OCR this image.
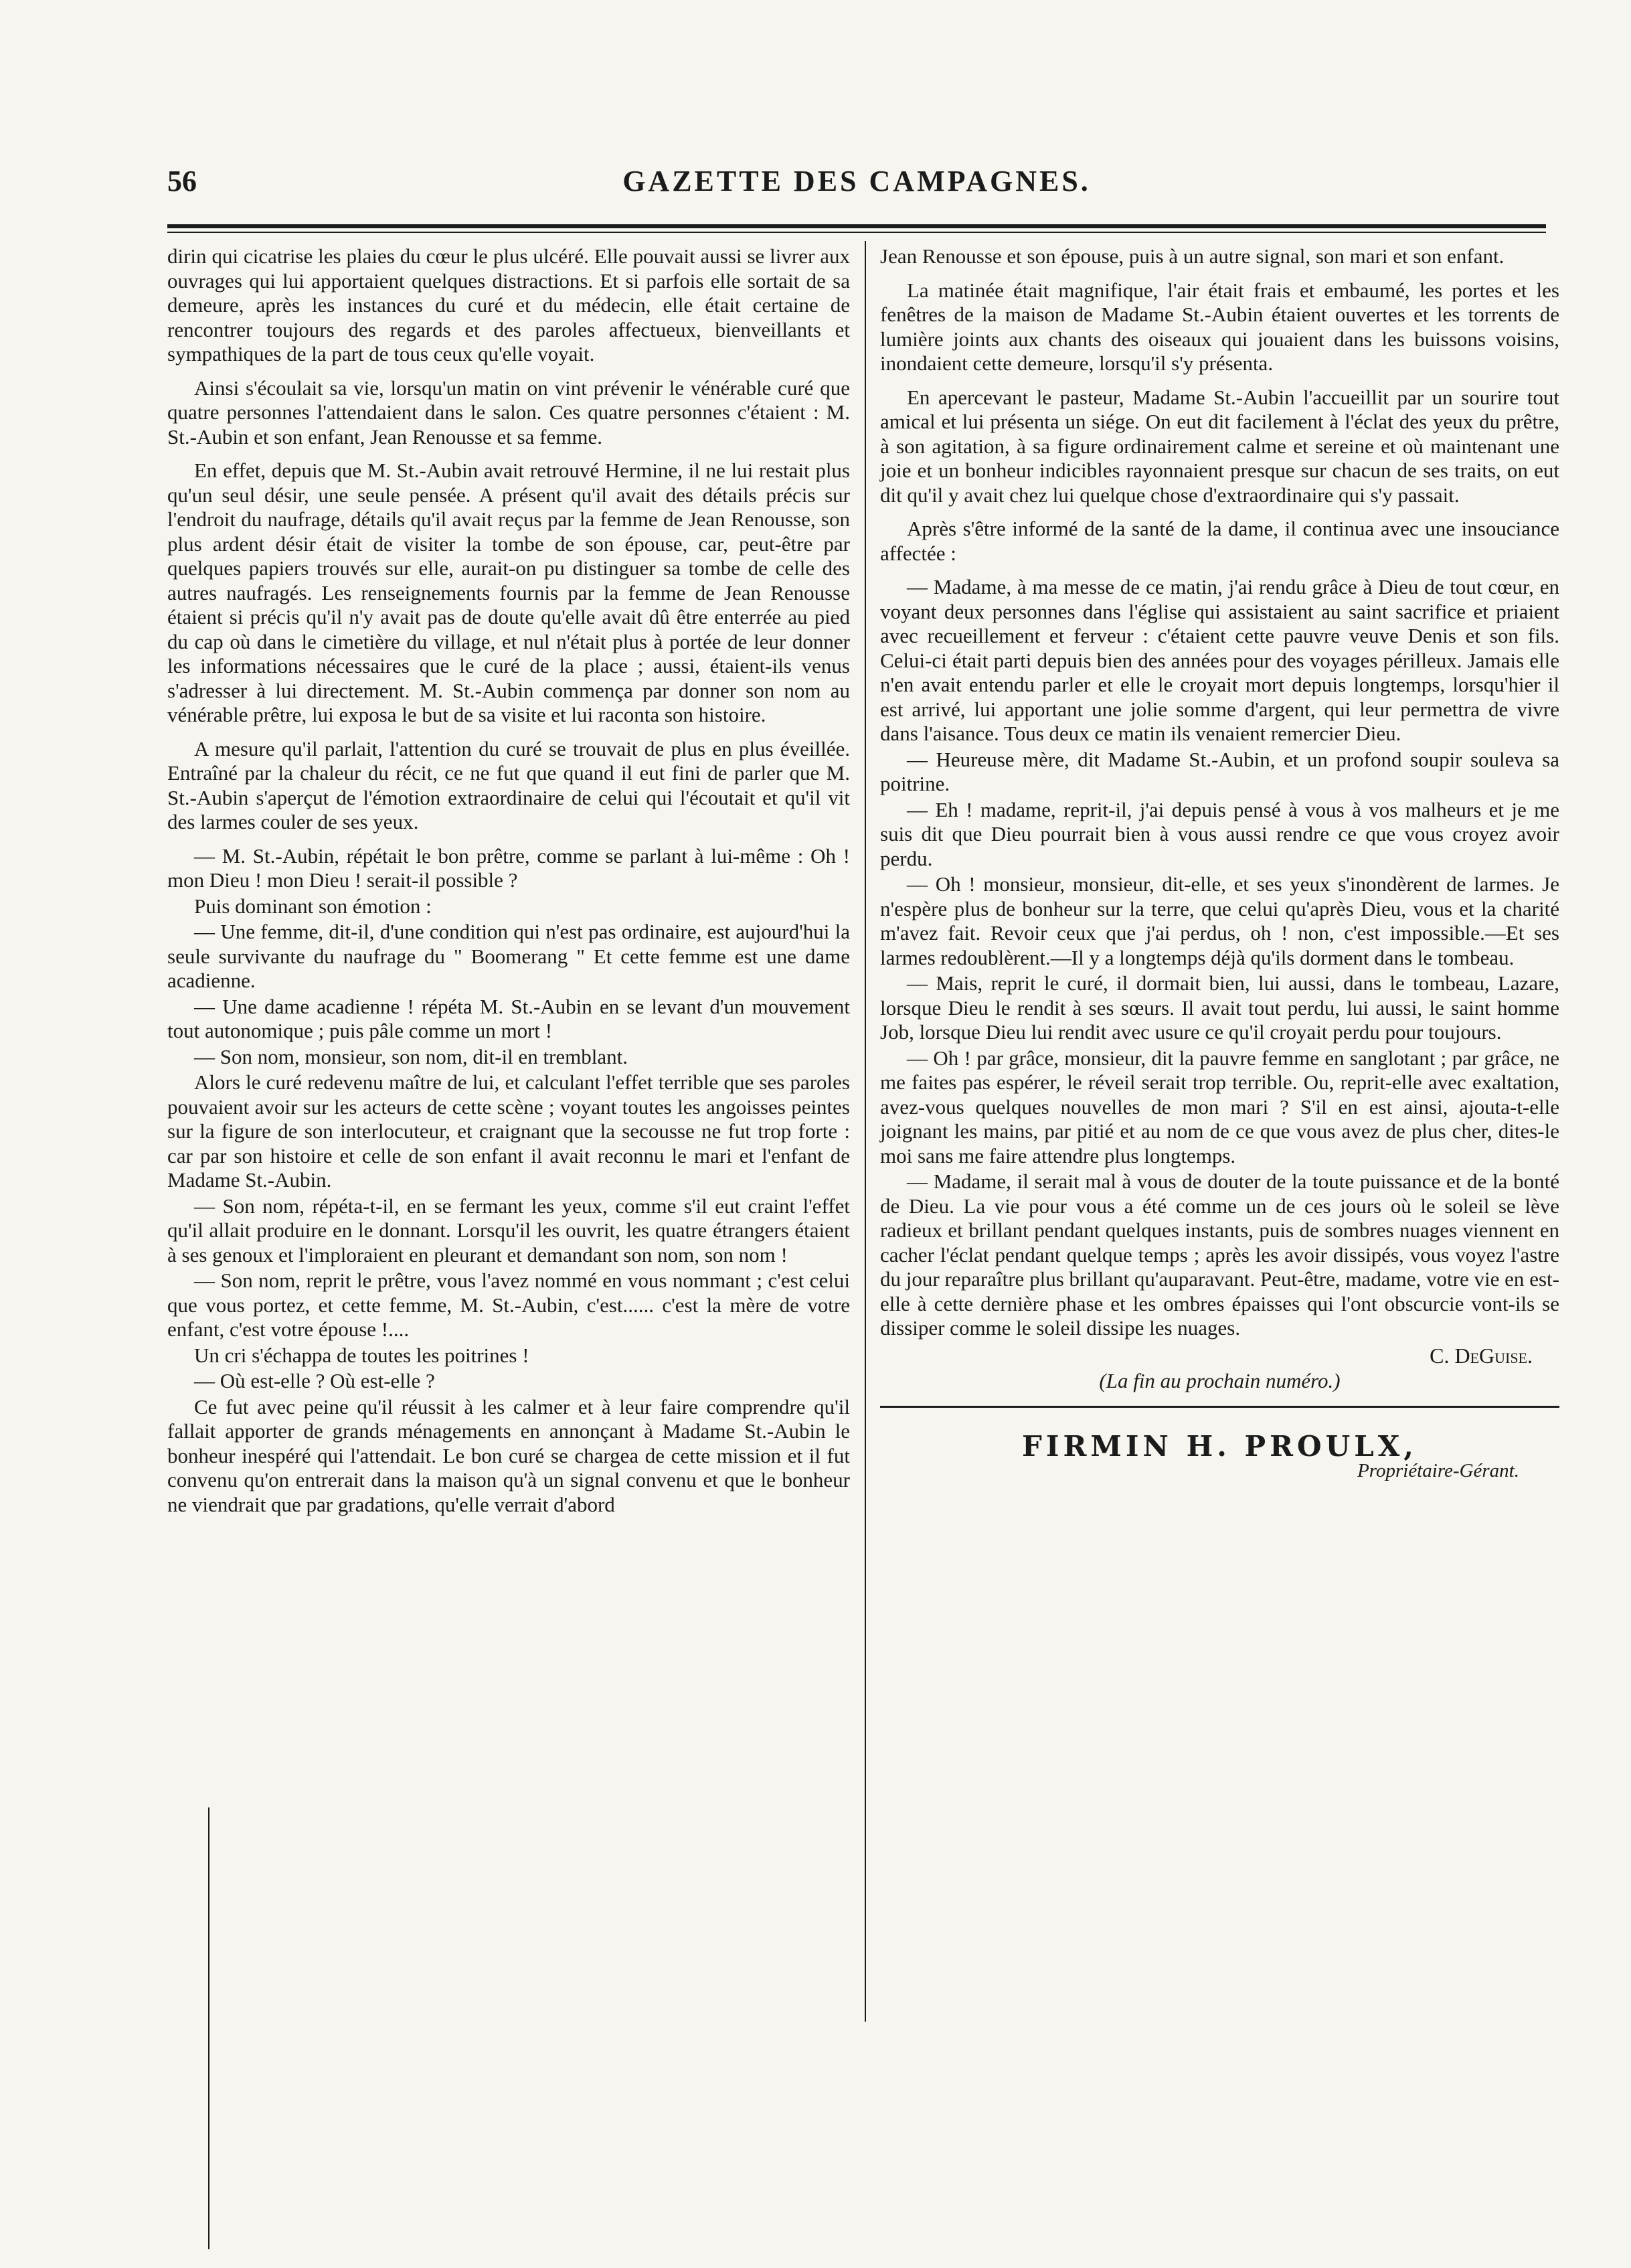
56	GAZETTE DES CAMPAGNES.

dirin qui cicatrise les plaies du cœur le plus ulcéré. Elle pouvait aussi se livrer aux ouvrages qui lui apportaient quelques distractions. Et si parfois elle sortait de sa demeure, après les instances du curé et du médecin, elle était certaine de rencontrer toujours des regards et des paroles affectueux, bienveillants et sympathiques de la part de tous ceux qu'elle voyait.

Ainsi s'écoulait sa vie, lorsqu'un matin on vint prévenir le vénérable curé que quatre personnes l'attendaient dans le salon. Ces quatre personnes c'étaient : M. St.-Aubin et son enfant, Jean Renousse et sa femme.

En effet, depuis que M. St.-Aubin avait retrouvé Hermine, il ne lui restait plus qu'un seul désir, une seule pensée. A présent qu'il avait des détails précis sur l'endroit du naufrage, détails qu'il avait reçus par la femme de Jean Renousse, son plus ardent désir était de visiter la tombe de son épouse, car, peut-être par quelques papiers trouvés sur elle, aurait-on pu distinguer sa tombe de celle des autres naufragés. Les renseignements fournis par la femme de Jean Renousse étaient si précis qu'il n'y avait pas de doute qu'elle avait dû être enterrée au pied du cap où dans le cimetière du village, et nul n'était plus à portée de leur donner les informations nécessaires que le curé de la place ; aussi, étaient-ils venus s'adresser à lui directement. M. St.-Aubin commença par donner son nom au vénérable prêtre, lui exposa le but de sa visite et lui raconta son histoire.

A mesure qu'il parlait, l'attention du curé se trouvait de plus en plus éveillée. Entraîné par la chaleur du récit, ce ne fut que quand il eut fini de parler que M. St.-Aubin s'aperçut de l'émotion extraordinaire de celui qui l'écoutait et qu'il vit des larmes couler de ses yeux.

— M. St.-Aubin, répétait le bon prêtre, comme se parlant à lui-même : Oh ! mon Dieu ! mon Dieu ! serait-il possible ?

Puis dominant son émotion :

— Une femme, dit-il, d'une condition qui n'est pas ordinaire, est aujourd'hui la seule survivante du naufrage du " Boomerang " Et cette femme est une dame acadienne.

— Une dame acadienne ! répéta M. St.-Aubin en se levant d'un mouvement tout autonomique ; puis pâle comme un mort !

— Son nom, monsieur, son nom, dit-il en tremblant.

Alors le curé redevenu maître de lui, et calculant l'effet terrible que ses paroles pouvaient avoir sur les acteurs de cette scène ; voyant toutes les angoisses peintes sur la figure de son interlocuteur, et craignant que la secousse ne fut trop forte : car par son histoire et celle de son enfant il avait reconnu le mari et l'enfant de Madame St.-Aubin.

— Son nom, répéta-t-il, en se fermant les yeux, comme s'il eut craint l'effet qu'il allait produire en le donnant. Lorsqu'il les ouvrit, les quatre étrangers étaient à ses genoux et l'imploraient en pleurant et demandant son nom, son nom !

— Son nom, reprit le prêtre, vous l'avez nommé en vous nommant ; c'est celui que vous portez, et cette femme, M. St.-Aubin, c'est...... c'est la mère de votre enfant, c'est votre épouse !....

Un cri s'échappa de toutes les poitrines !

— Où est-elle ? Où est-elle ?

Ce fut avec peine qu'il réussit à les calmer et à leur faire comprendre qu'il fallait apporter de grands ménagements en annonçant à Madame St.-Aubin le bonheur inespéré qui l'attendait. Le bon curé se chargea de cette mission et il fut convenu qu'on entrerait dans la maison qu'à un signal convenu et que le bonheur ne viendrait que par gradations, qu'elle verrait d'abord

Jean Renousse et son épouse, puis à un autre signal, son mari et son enfant.

La matinée était magnifique, l'air était frais et embaumé, les portes et les fenêtres de la maison de Madame St.-Aubin étaient ouvertes et les torrents de lumière joints aux chants des oiseaux qui jouaient dans les buissons voisins, inondaient cette demeure, lorsqu'il s'y présenta.

En apercevant le pasteur, Madame St.-Aubin l'accueillit par un sourire tout amical et lui présenta un siége. On eut dit facilement à l'éclat des yeux du prêtre, à son agitation, à sa figure ordinairement calme et sereine et où maintenant une joie et un bonheur indicibles rayonnaient presque sur chacun de ses traits, on eut dit qu'il y avait chez lui quelque chose d'extraordinaire qui s'y passait.

Après s'être informé de la santé de la dame, il continua avec une insouciance affectée :

— Madame, à ma messe de ce matin, j'ai rendu grâce à Dieu de tout cœur, en voyant deux personnes dans l'église qui assistaient au saint sacrifice et priaient avec recueillement et ferveur : c'étaient cette pauvre veuve Denis et son fils. Celui-ci était parti depuis bien des années pour des voyages périlleux. Jamais elle n'en avait entendu parler et elle le croyait mort depuis longtemps, lorsqu'hier il est arrivé, lui apportant une jolie somme d'argent, qui leur permettra de vivre dans l'aisance. Tous deux ce matin ils venaient remercier Dieu.

— Heureuse mère, dit Madame St.-Aubin, et un profond soupir souleva sa poitrine.

— Eh ! madame, reprit-il, j'ai depuis pensé à vous à vos malheurs et je me suis dit que Dieu pourrait bien à vous aussi rendre ce que vous croyez avoir perdu.

— Oh ! monsieur, monsieur, dit-elle, et ses yeux s'inondèrent de larmes. Je n'espère plus de bonheur sur la terre, que celui qu'après Dieu, vous et la charité m'avez fait. Revoir ceux que j'ai perdus, oh ! non, c'est impossible.—Et ses larmes redoublèrent.—Il y a longtemps déjà qu'ils dorment dans le tombeau.

— Mais, reprit le curé, il dormait bien, lui aussi, dans le tombeau, Lazare, lorsque Dieu le rendit à ses sœurs. Il avait tout perdu, lui aussi, le saint homme Job, lorsque Dieu lui rendit avec usure ce qu'il croyait perdu pour toujours.

— Oh ! par grâce, monsieur, dit la pauvre femme en sanglotant ; par grâce, ne me faites pas espérer, le réveil serait trop terrible. Ou, reprit-elle avec exaltation, avez-vous quelques nouvelles de mon mari ? S'il en est ainsi, ajouta-t-elle joignant les mains, par pitié et au nom de ce que vous avez de plus cher, dites-le moi sans me faire attendre plus longtemps.

— Madame, il serait mal à vous de douter de la toute puissance et de la bonté de Dieu. La vie pour vous a été comme un de ces jours où le soleil se lève radieux et brillant pendant quelques instants, puis de sombres nuages viennent en cacher l'éclat pendant quelque temps ; après les avoir dissipés, vous voyez l'astre du jour reparaître plus brillant qu'auparavant. Peut-être, madame, votre vie en est-elle à cette dernière phase et les ombres épaisses qui l'ont obscurcie vont-ils se dissiper comme le soleil dissipe les nuages.

C. DeGuise.
(La fin au prochain numéro.)

FIRMIN H. PROULX,

Propriétaire-Gérant.
